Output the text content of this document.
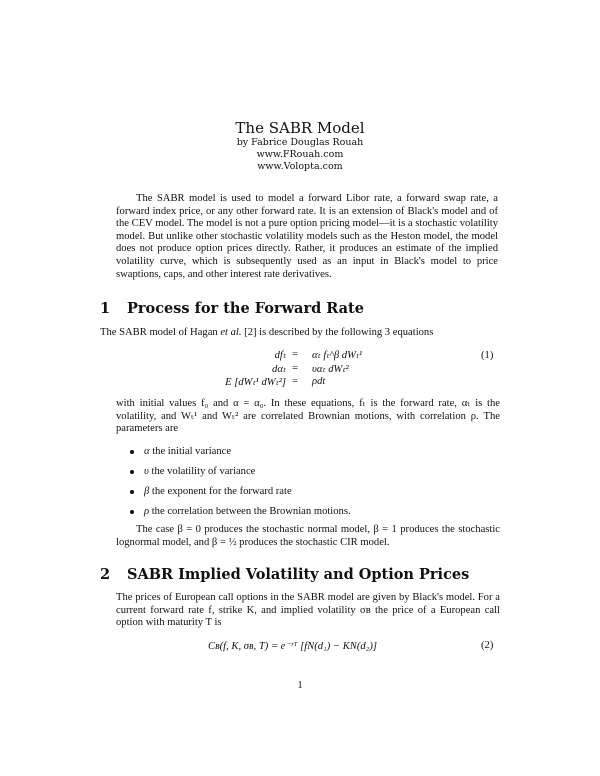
The SABR Model
by Fabrice Douglas Rouah
www.FRouah.com
www.Volopta.com
The SABR model is used to model a forward Libor rate, a forward swap rate, a forward index price, or any other forward rate. It is an extension of Black's model and of the CEV model. The model is not a pure option pricing model—it is a stochastic volatility model. But unlike other stochastic volatility models such as the Heston model, the model does not produce option prices directly. Rather, it produces an estimate of the implied volatility curve, which is subsequently used as an input in Black's model to price swaptions, caps, and other interest rate derivatives.
1 Process for the Forward Rate
The SABR model of Hagan et al. [2] is described by the following 3 equations
dfₜ = αₜ fₜ^β dWₜ¹
dαₜ = υαₜ dWₜ²
E [dWₜ¹ dWₜ²] = ρdt
(1)
with initial values f₀ and α = α₀. In these equations, fₜ is the forward rate, αₜ is the volatility, and Wₜ¹ and Wₜ² are correlated Brownian motions, with correlation ρ. The parameters are
α the initial variance
υ the volatility of variance
β the exponent for the forward rate
ρ the correlation between the Brownian motions.
The case β = 0 produces the stochastic normal model, β = 1 produces the stochastic lognormal model, and β = ½ produces the stochastic CIR model.
2 SABR Implied Volatility and Option Prices
The prices of European call options in the SABR model are given by Black's model. For a current forward rate f, strike K, and implied volatility σʙ the price of a European call option with maturity T is
Cʙ(f, K, σʙ, T) = e⁻ʳᵀ [fN(d₁) − KN(d₂)]	(2)
1
